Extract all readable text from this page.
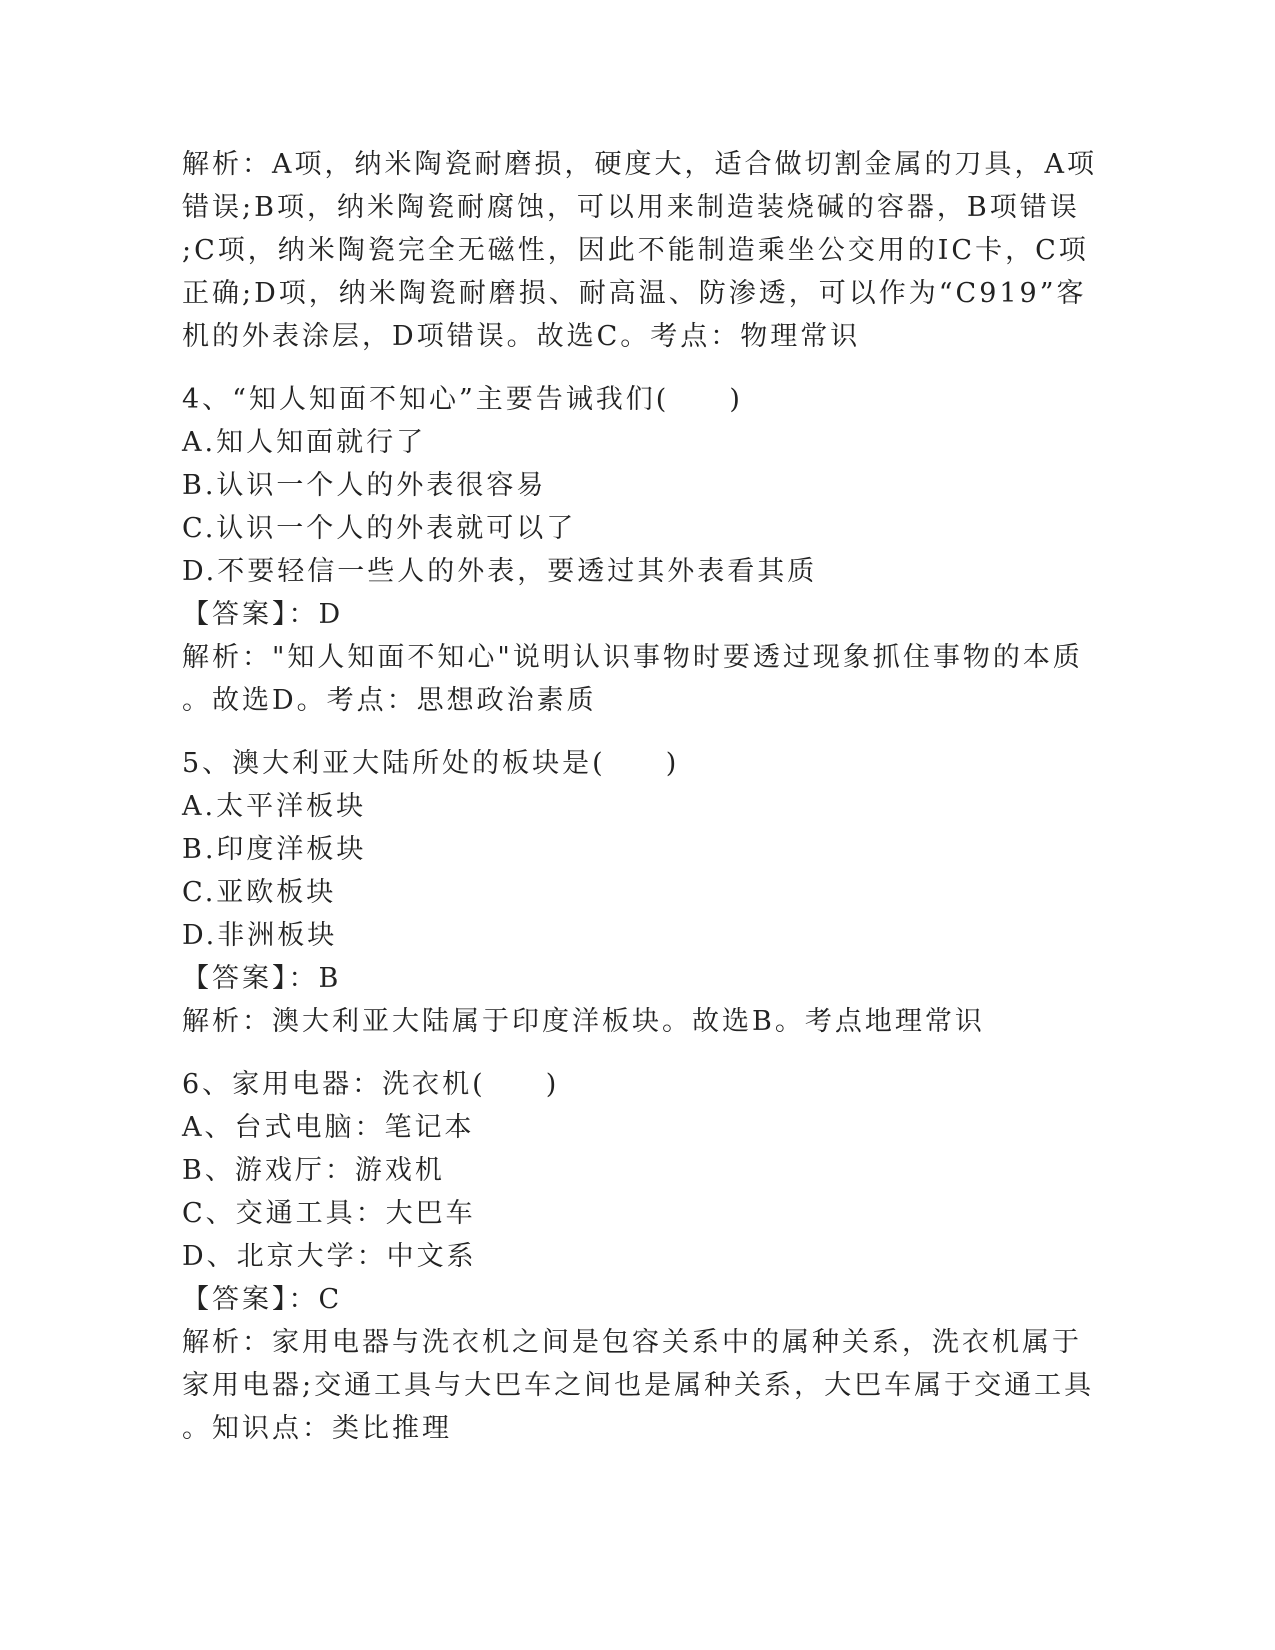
解析：A项，纳米陶瓷耐磨损，硬度大，适合做切割金属的刀具，A项
错误;B项，纳米陶瓷耐腐蚀，可以用来制造装烧碱的容器，B项错误
;C项，纳米陶瓷完全无磁性，因此不能制造乘坐公交用的IC卡，C项
正确;D项，纳米陶瓷耐磨损、耐高温、防渗透，可以作为“C919”客
机的外表涂层，D项错误。故选C。考点：物理常识
4、“知人知面不知心”主要告诫我们(　　)
A.知人知面就行了
B.认识一个人的外表很容易
C.认识一个人的外表就可以了
D.不要轻信一些人的外表，要透过其外表看其质
【答案】：D
解析："知人知面不知心"说明认识事物时要透过现象抓住事物的本质
。故选D。考点：思想政治素质
5、澳大利亚大陆所处的板块是(　　)
A.太平洋板块
B.印度洋板块
C.亚欧板块
D.非洲板块
【答案】：B
解析：澳大利亚大陆属于印度洋板块。故选B。考点地理常识
6、家用电器：洗衣机(　　)
A、台式电脑：笔记本
B、游戏厅：游戏机
C、交通工具：大巴车
D、北京大学：中文系
【答案】：C
解析：家用电器与洗衣机之间是包容关系中的属种关系，洗衣机属于
家用电器;交通工具与大巴车之间也是属种关系，大巴车属于交通工具
。知识点：类比推理
